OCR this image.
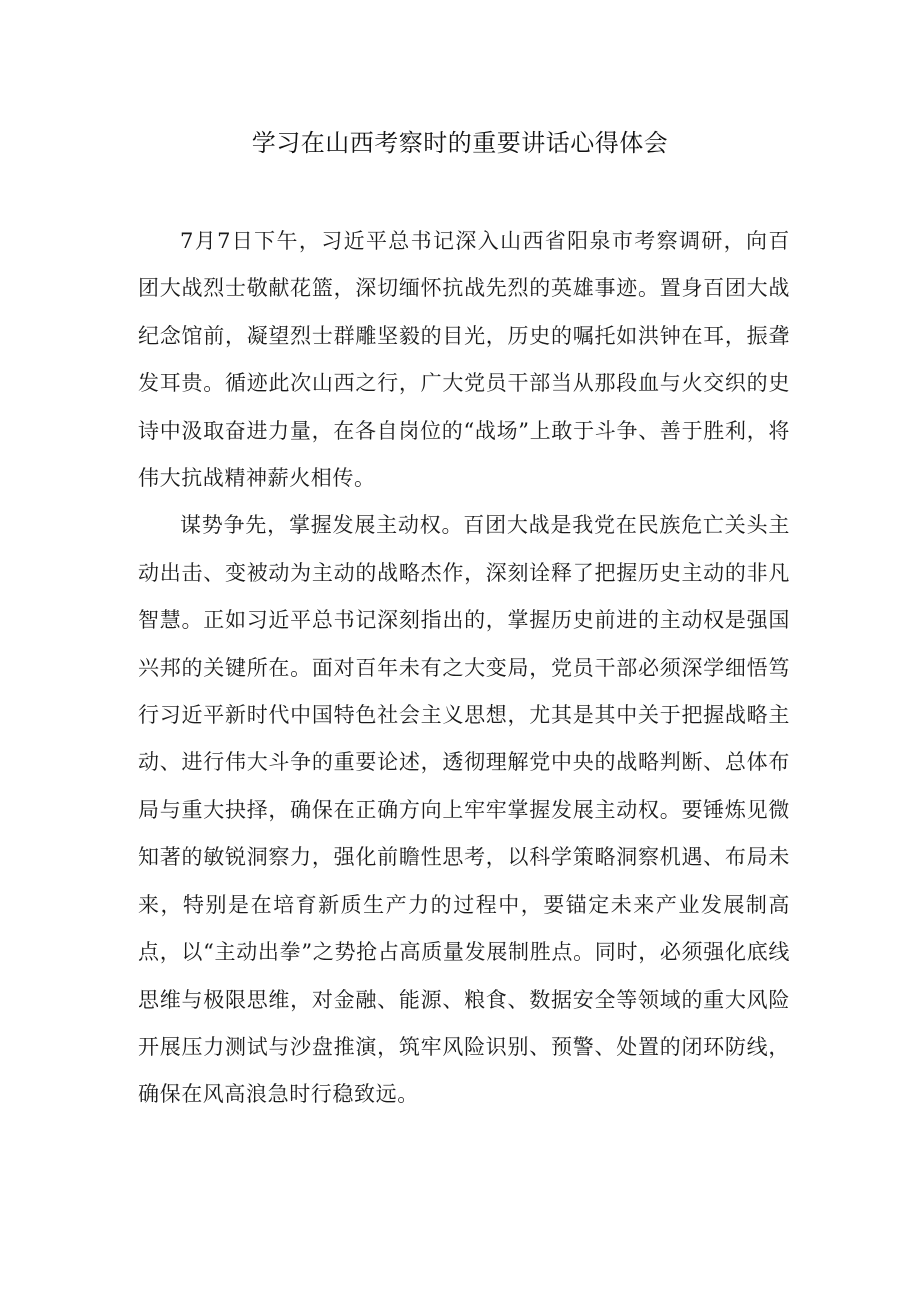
学习在山西考察时的重要讲话心得体会

7月7日下午，习近平总书记深入山西省阳泉市考察调研，向百团大战烈士敬献花篮，深切缅怀抗战先烈的英雄事迹。置身百团大战纪念馆前，凝望烈士群雕坚毅的目光，历史的嘱托如洪钟在耳，振聋发耳贵。循迹此次山西之行，广大党员干部当从那段血与火交织的史诗中汲取奋进力量，在各自岗位的“战场”上敢于斗争、善于胜利，将伟大抗战精神薪火相传。

谋势争先，掌握发展主动权。百团大战是我党在民族危亡关头主动出击、变被动为主动的战略杰作，深刻诠释了把握历史主动的非凡智慧。正如习近平总书记深刻指出的，掌握历史前进的主动权是强国兴邦的关键所在。面对百年未有之大变局，党员干部必须深学细悟笃行习近平新时代中国特色社会主义思想，尤其是其中关于把握战略主动、进行伟大斗争的重要论述，透彻理解党中央的战略判断、总体布局与重大抉择，确保在正确方向上牢牢掌握发展主动权。要锤炼见微知著的敏锐洞察力，强化前瞻性思考，以科学策略洞察机遇、布局未来，特别是在培育新质生产力的过程中，要锚定未来产业发展制高点，以“主动出拳”之势抢占高质量发展制胜点。同时，必须强化底线思维与极限思维，对金融、能源、粮食、数据安全等领域的重大风险开展压力测试与沙盘推演，筑牢风险识别、预警、处置的闭环防线，确保在风高浪急时行稳致远。
